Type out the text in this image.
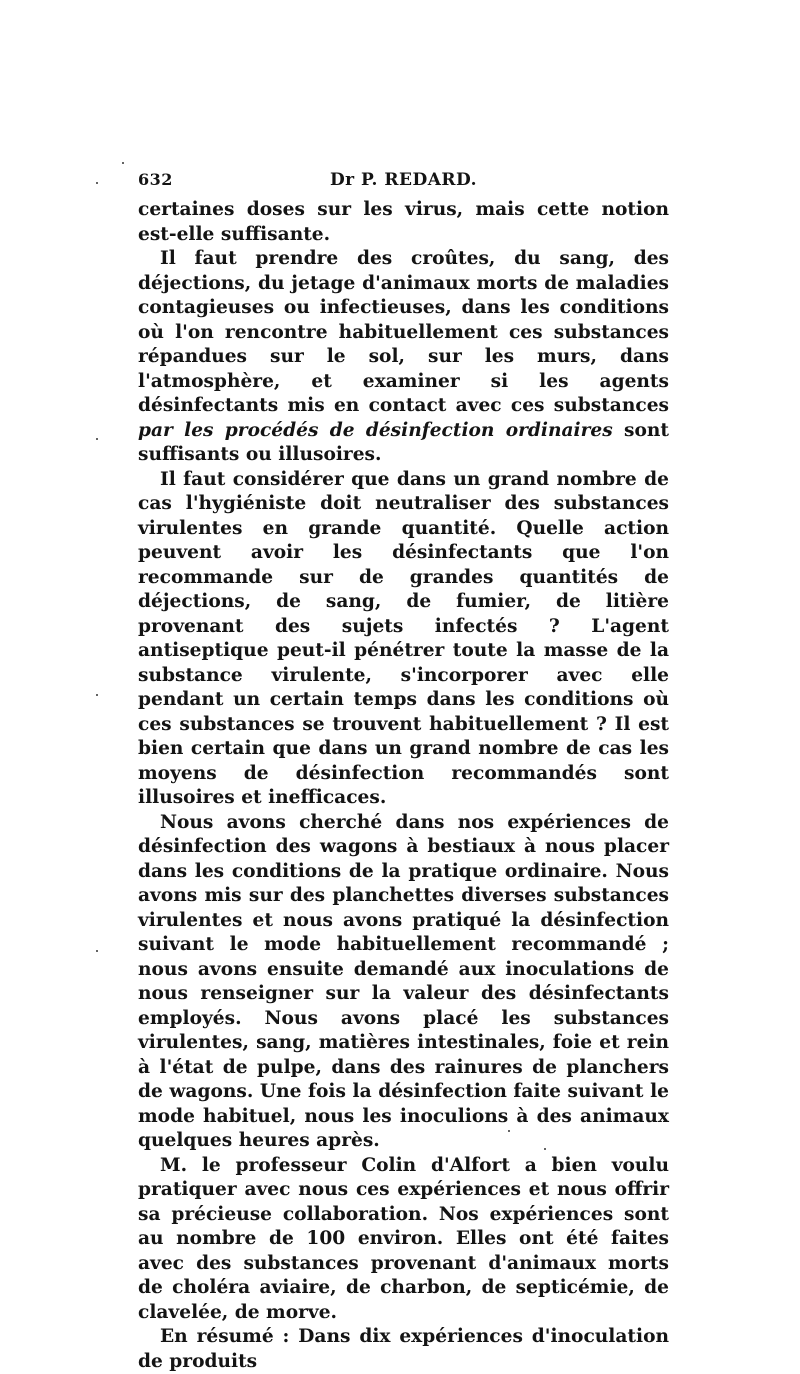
632	Dr P. REDARD.

certaines doses sur les virus, mais cette notion est-elle suffisante.

Il faut prendre des croûtes, du sang, des déjections, du jetage d'animaux morts de maladies contagieuses ou infectieuses, dans les conditions où l'on rencontre habituellement ces substances répandues sur le sol, sur les murs, dans l'atmosphère, et examiner si les agents désinfectants mis en contact avec ces substances par les procédés de désinfection ordinaires sont suffisants ou illusoires.

Il faut considérer que dans un grand nombre de cas l'hygiéniste doit neutraliser des substances virulentes en grande quantité. Quelle action peuvent avoir les désinfectants que l'on recommande sur de grandes quantités de déjections, de sang, de fumier, de litière provenant des sujets infectés ? L'agent antiseptique peut-il pénétrer toute la masse de la substance virulente, s'incorporer avec elle pendant un certain temps dans les conditions où ces substances se trouvent habituellement ? Il est bien certain que dans un grand nombre de cas les moyens de désinfection recommandés sont illusoires et inefficaces.

Nous avons cherché dans nos expériences de désinfection des wagons à bestiaux à nous placer dans les conditions de la pratique ordinaire. Nous avons mis sur des planchettes diverses substances virulentes et nous avons pratiqué la désinfection suivant le mode habituellement recommandé ; nous avons ensuite demandé aux inoculations de nous renseigner sur la valeur des désinfectants employés. Nous avons placé les substances virulentes, sang, matières intestinales, foie et rein à l'état de pulpe, dans des rainures de planchers de wagons. Une fois la désinfection faite suivant le mode habituel, nous les inoculions à des animaux quelques heures après.

M. le professeur Colin d'Alfort a bien voulu pratiquer avec nous ces expériences et nous offrir sa précieuse collaboration. Nos expériences sont au nombre de 100 environ. Elles ont été faites avec des substances provenant d'animaux morts de choléra aviaire, de charbon, de septicémie, de clavelée, de morve.

En résumé : Dans dix expériences d'inoculation de produits
